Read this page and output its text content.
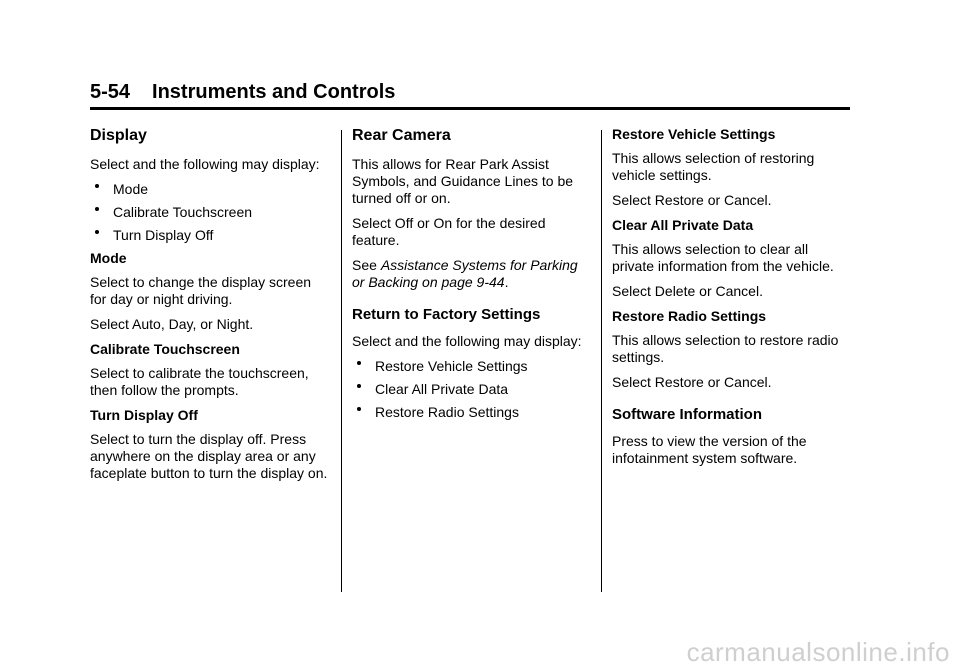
5-54 Instruments and Controls
Display

Select and the following may display:

Mode
Calibrate Touchscreen
Turn Display Off

Mode

Select to change the display screen for day or night driving.

Select Auto, Day, or Night.

Calibrate Touchscreen

Select to calibrate the touchscreen, then follow the prompts.

Turn Display Off

Select to turn the display off. Press anywhere on the display area or any faceplate button to turn the display on.

Rear Camera

This allows for Rear Park Assist Symbols, and Guidance Lines to be turned off or on.

Select Off or On for the desired feature.

See Assistance Systems for Parking or Backing on page 9-44.

Return to Factory Settings

Select and the following may display:

Restore Vehicle Settings
Clear All Private Data
Restore Radio Settings

Restore Vehicle Settings

This allows selection of restoring vehicle settings.

Select Restore or Cancel.

Clear All Private Data

This allows selection to clear all private information from the vehicle.

Select Delete or Cancel.

Restore Radio Settings

This allows selection to restore radio settings.

Select Restore or Cancel.

Software Information

Press to view the version of the infotainment system software.

carmanualsonline.info
